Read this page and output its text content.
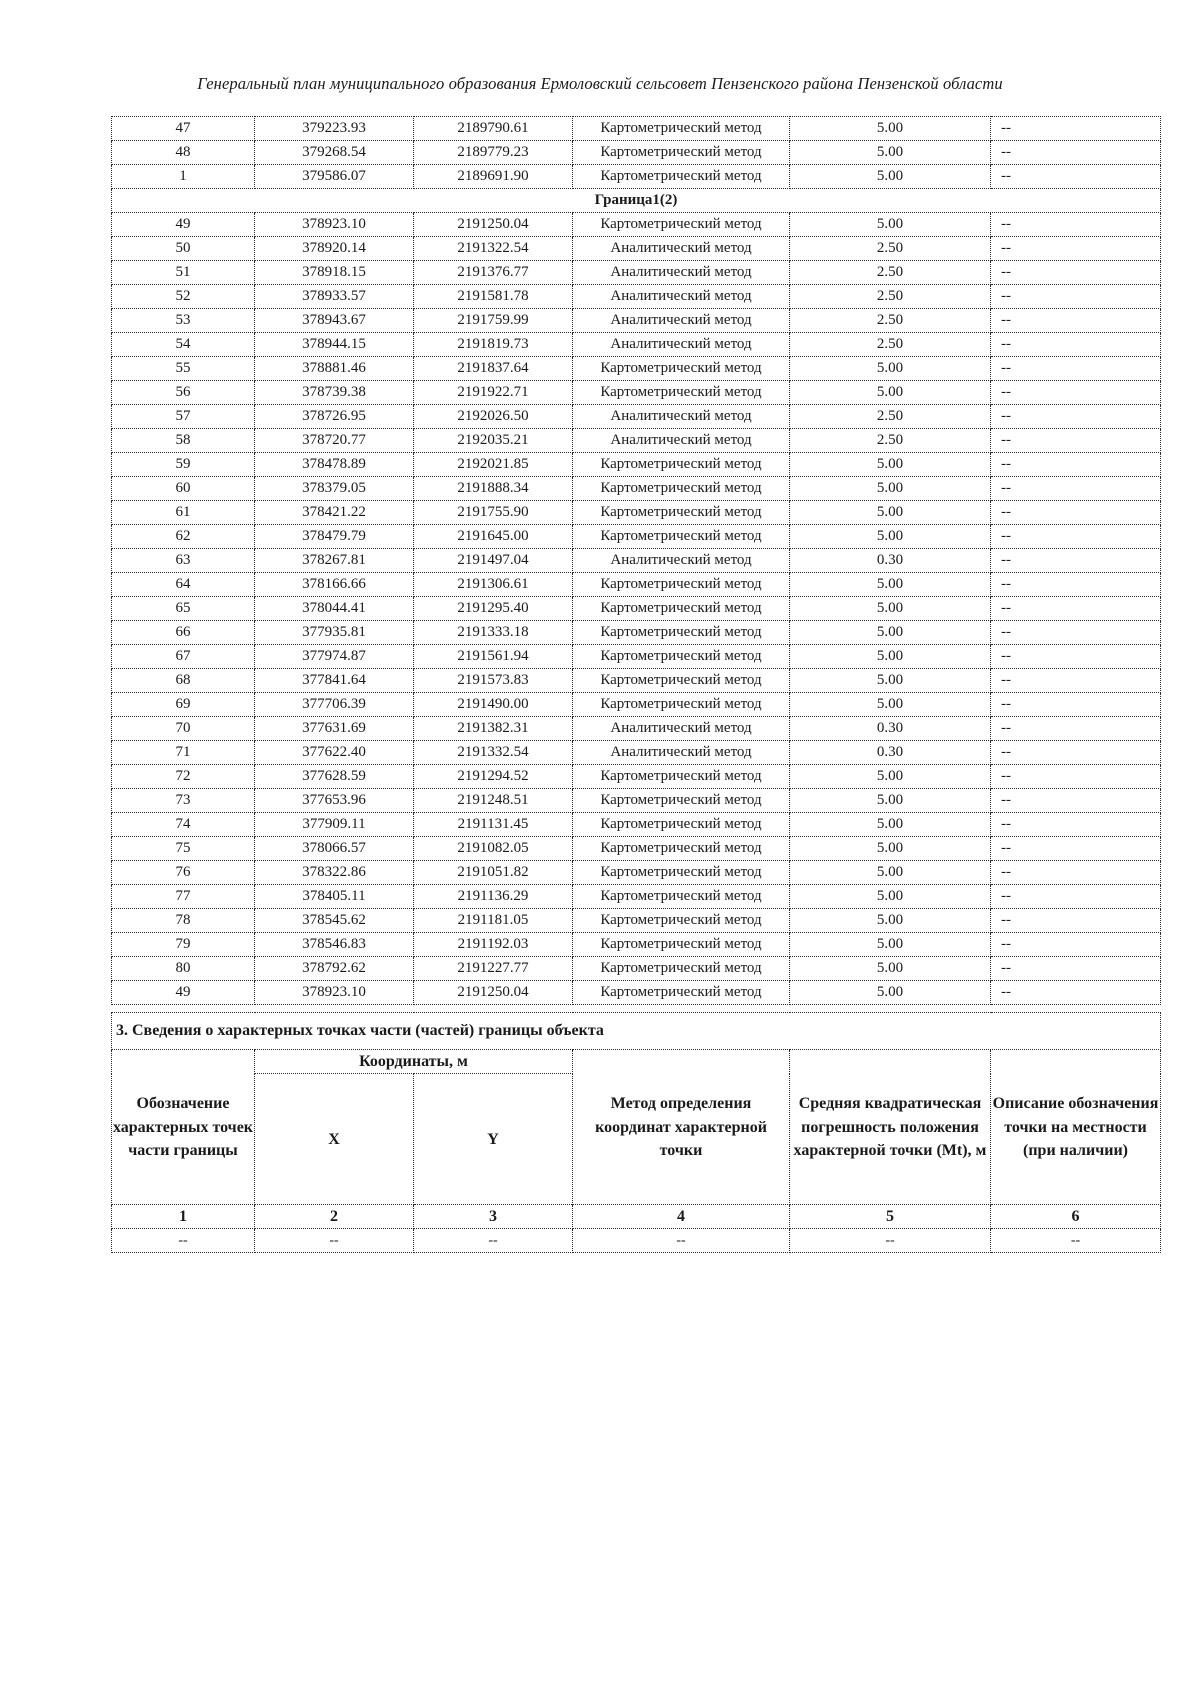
Генеральный план муниципального образования Ермоловский сельсовет Пензенского района Пензенской области
47	379223.93	2189790.61	Картометрический метод	5.00	--
48	379268.54	2189779.23	Картометрический метод	5.00	--
1	379586.07	2189691.90	Картометрический метод	5.00	--
Граница1(2)					
49	378923.10	2191250.04	Картометрический метод	5.00	--
50	378920.14	2191322.54	Аналитический метод	2.50	--
51	378918.15	2191376.77	Аналитический метод	2.50	--
52	378933.57	2191581.78	Аналитический метод	2.50	--
53	378943.67	2191759.99	Аналитический метод	2.50	--
54	378944.15	2191819.73	Аналитический метод	2.50	--
55	378881.46	2191837.64	Картометрический метод	5.00	--
56	378739.38	2191922.71	Картометрический метод	5.00	--
57	378726.95	2192026.50	Аналитический метод	2.50	--
58	378720.77	2192035.21	Аналитический метод	2.50	--
59	378478.89	2192021.85	Картометрический метод	5.00	--
60	378379.05	2191888.34	Картометрический метод	5.00	--
61	378421.22	2191755.90	Картометрический метод	5.00	--
62	378479.79	2191645.00	Картометрический метод	5.00	--
63	378267.81	2191497.04	Аналитический метод	0.30	--
64	378166.66	2191306.61	Картометрический метод	5.00	--
65	378044.41	2191295.40	Картометрический метод	5.00	--
66	377935.81	2191333.18	Картометрический метод	5.00	--
67	377974.87	2191561.94	Картометрический метод	5.00	--
68	377841.64	2191573.83	Картометрический метод	5.00	--
69	377706.39	2191490.00	Картометрический метод	5.00	--
70	377631.69	2191382.31	Аналитический метод	0.30	--
71	377622.40	2191332.54	Аналитический метод	0.30	--
72	377628.59	2191294.52	Картометрический метод	5.00	--
73	377653.96	2191248.51	Картометрический метод	5.00	--
74	377909.11	2191131.45	Картометрический метод	5.00	--
75	378066.57	2191082.05	Картометрический метод	5.00	--
76	378322.86	2191051.82	Картометрический метод	5.00	--
77	378405.11	2191136.29	Картометрический метод	5.00	--
78	378545.62	2191181.05	Картометрический метод	5.00	--
79	378546.83	2191192.03	Картометрический метод	5.00	--
80	378792.62	2191227.77	Картометрический метод	5.00	--
49	378923.10	2191250.04	Картометрический метод	5.00	--
3. Сведения о характерных точках части (частей) границы объекта					
Обозначение характерных точек части границы	Координаты, м		Метод определения координат характерной точки	Средняя квадратическая погрешность положения характерной точки (Mt), м	Описание обозначения точки на местности (при наличии)
	X	Y			
1	2	3	4	5	6
--	--	--	--	--	--
